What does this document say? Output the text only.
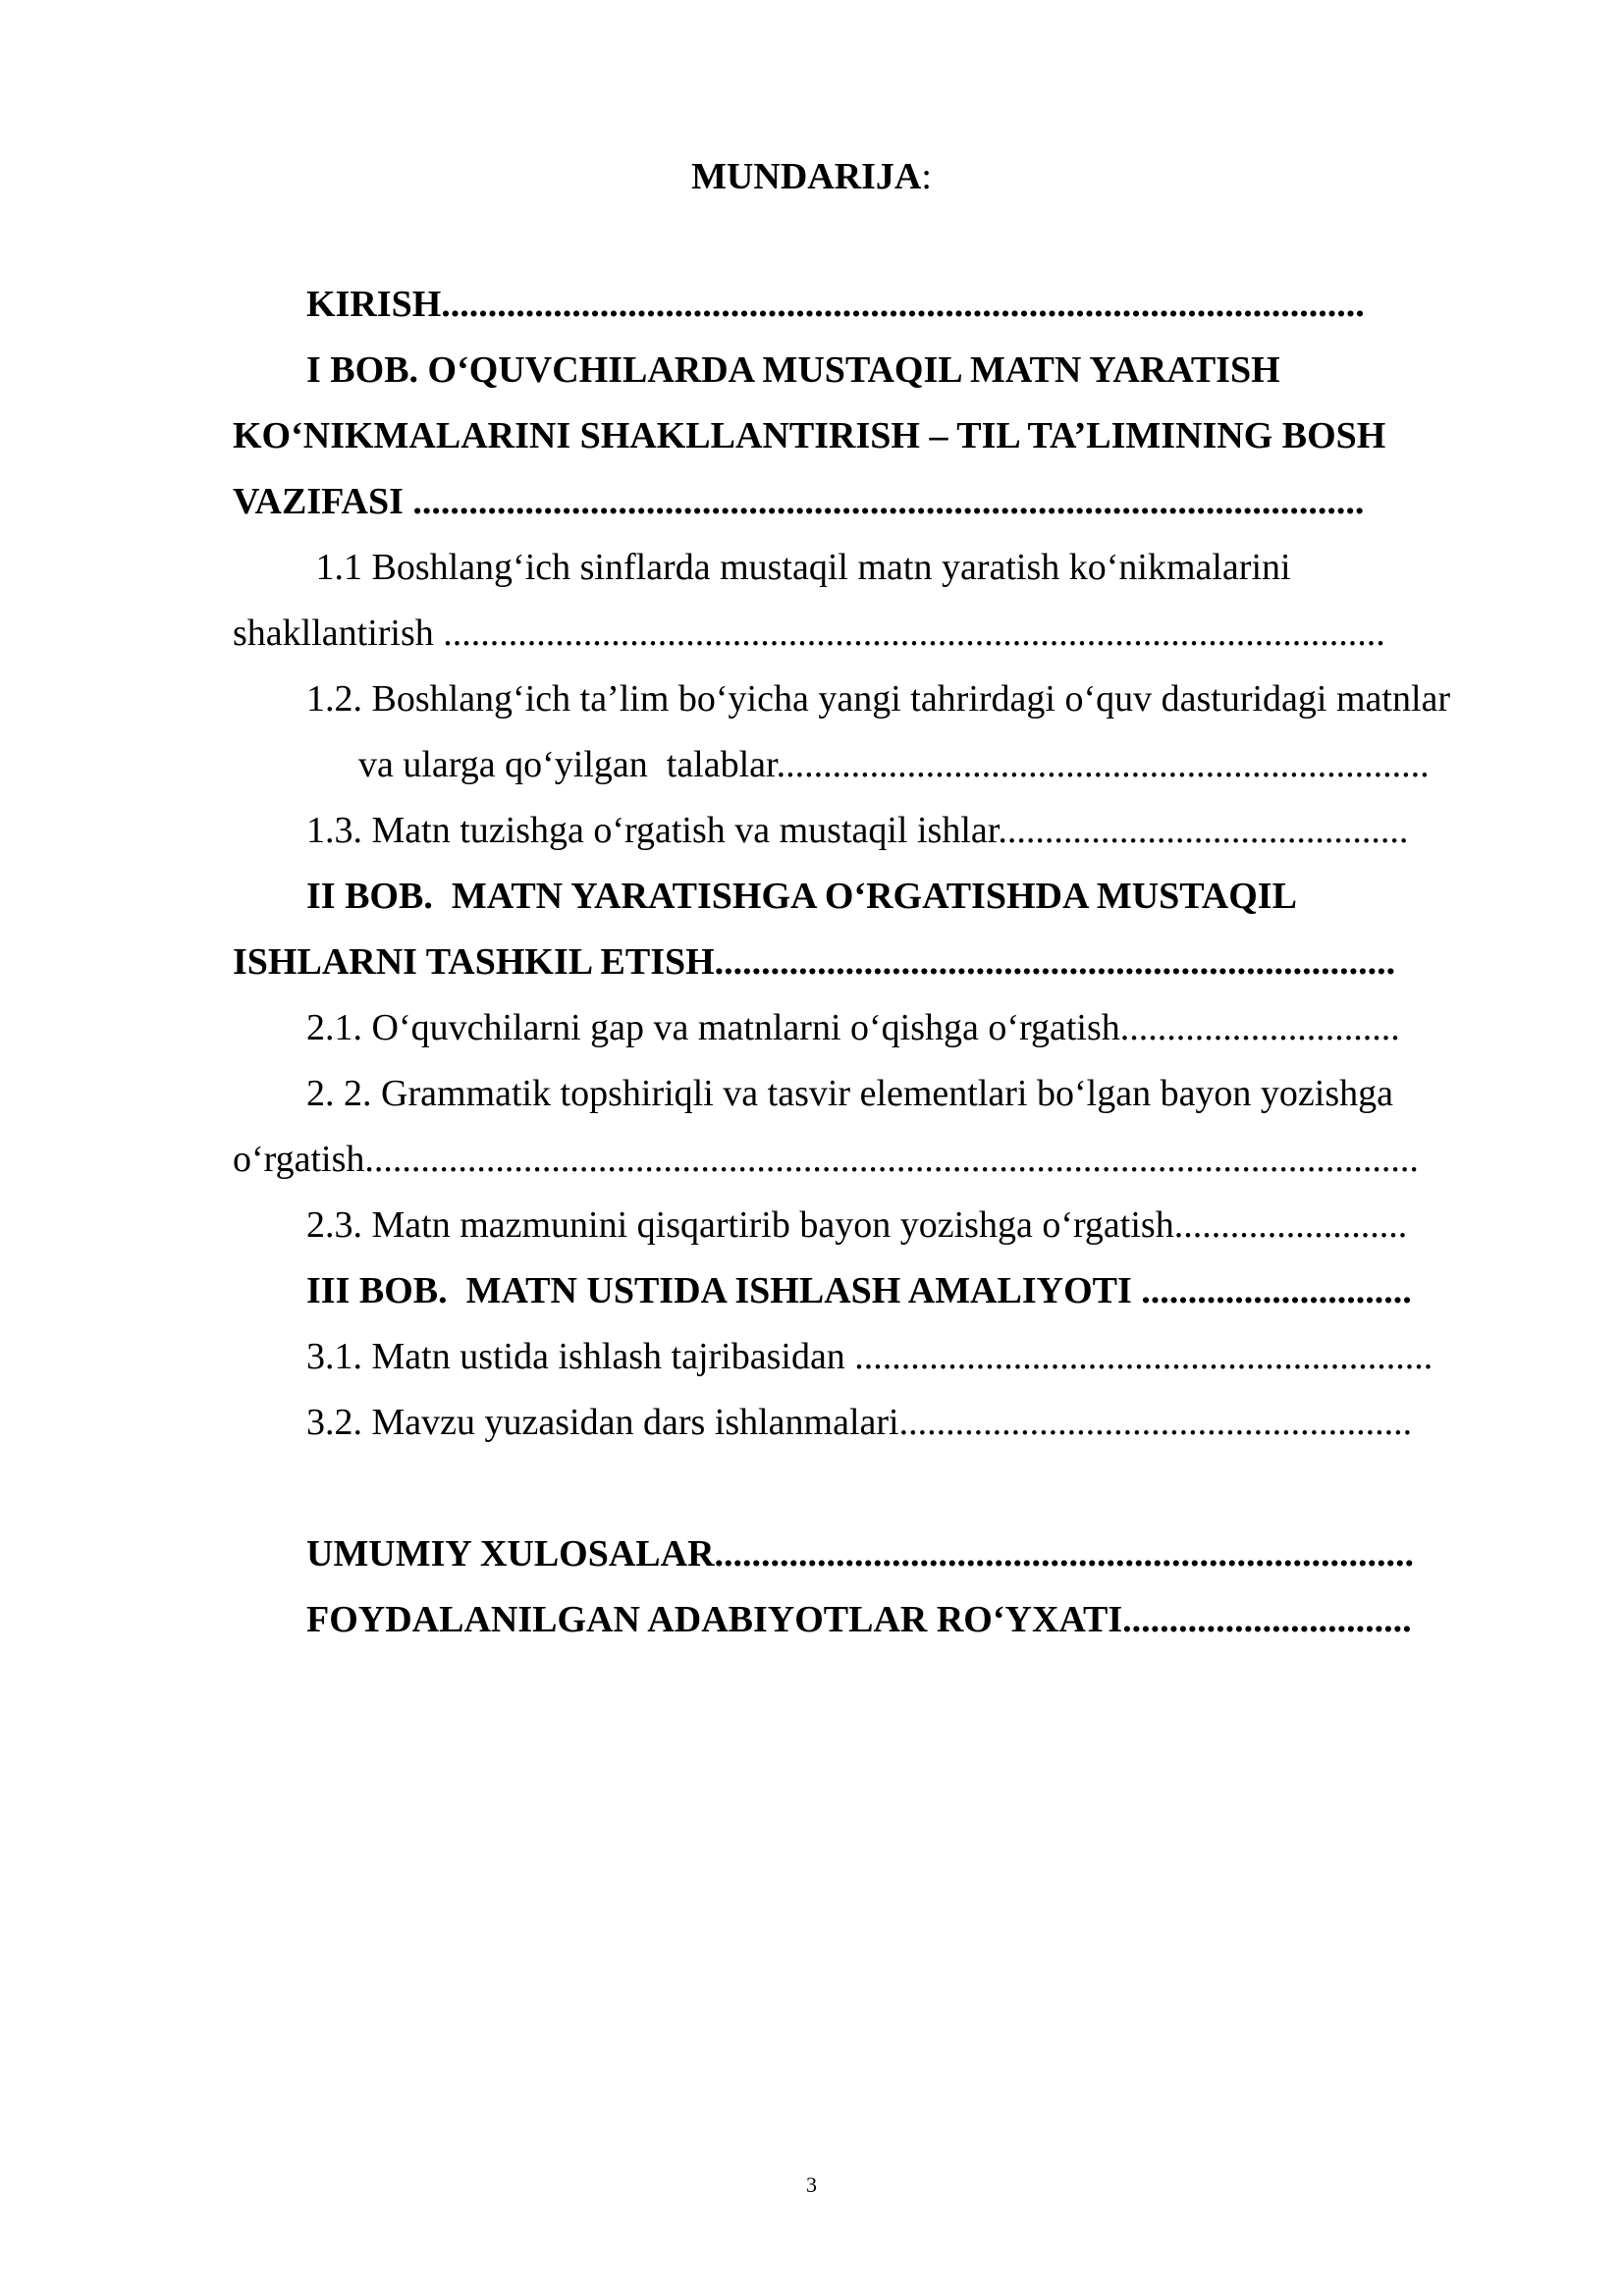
MUNDARIJA:
KIRISH...................................................................................................
I BOB. O‘QUVCHILARDA MUSTAQIL MATN YARATISH
KO‘NIKMALARINI SHAKLLANTIRISH – TIL TA’LIMINING BOSH
VAZIFASI ......................................................................................................
1.1 Boshlang‘ich sinflarda mustaqil matn yaratish ko‘nikmalarini
shakllantirish .....................................................................................................
1.2. Boshlang‘ich ta’lim bo‘yicha yangi tahrirdagi o‘quv dasturidagi matnlar
va ularga qo‘yilgan  talablar......................................................................
1.3. Matn tuzishga o‘rgatish va mustaqil ishlar............................................
II BOB.  MATN YARATISHGA O‘RGATISHDA MUSTAQIL
ISHLARNI TASHKIL ETISH.........................................................................
2.1. O‘quvchilarni gap va matnlarni o‘qishga o‘rgatish..............................
2. 2. Grammatik topshiriqli va tasvir elementlari bo‘lgan bayon yozishga
o‘rgatish.................................................................................................................
2.3. Matn mazmunini qisqartirib bayon yozishga o‘rgatish.........................
III BOB.  MATN USTIDA ISHLASH AMALIYOTI .............................
3.1. Matn ustida ishlash tajribasidan ..............................................................
3.2. Mavzu yuzasidan dars ishlanmalari.......................................................
UMUMIY XULOSALAR...........................................................................
FOYDALANILGAN ADABIYOTLAR RO‘YXATI...............................
3
